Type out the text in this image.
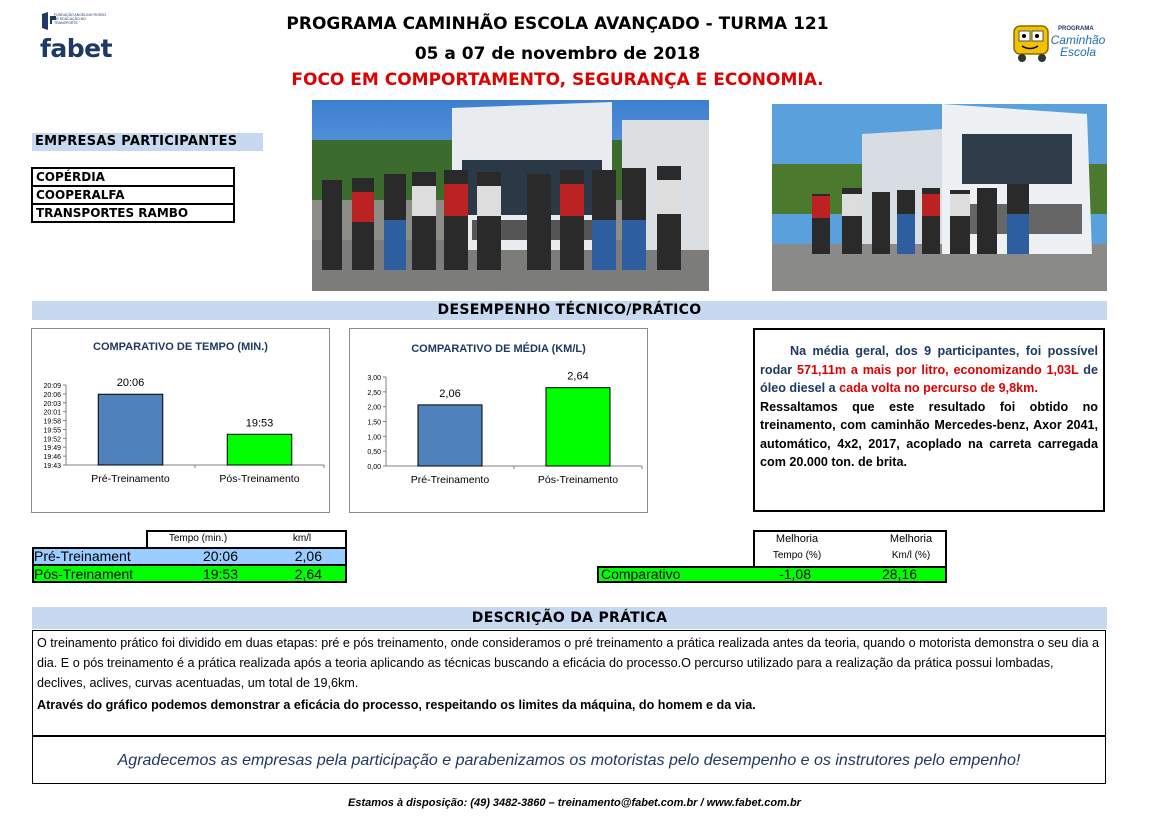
FUNDAÇÃO ANGELINO ROSSO DE EDUCAÇÃO NO TRANSPORTE
fabet
PROGRAMA
Caminhão Escola
PROGRAMA CAMINHÃO ESCOLA AVANÇADO - TURMA 121
05 a 07 de novembro de 2018
FOCO EM COMPORTAMENTO, SEGURANÇA E ECONOMIA.
EMPRESAS PARTICIPANTES
COPÉRDIA
COOPERALFA
TRANSPORTES RAMBO
DESEMPENHO TÉCNICO/PRÁTICO
COMPARATIVO DE TEMPO (MIN.)
19:43
19:46
19:49
19:52
19:55
19:58
20:01
20:03
20:06
20:09	20:06
Pré-Treinamento
19:53
Pós-Treinamento
COMPARATIVO DE MÉDIA (KM/L)
0,00
0,50
1,00
1,50
2,00
2,50
3,00
2,06
Pré-Treinamento
2,64
Pós-Treinamento
Na média geral, dos 9 participantes, foi possível rodar 571,11m a mais por litro, economizando 1,03L de óleo diesel a cada volta no percurso de 9,8km.
Ressaltamos que este resultado foi obtido no treinamento, com caminhão Mercedes-benz, Axor 2041, automático, 4x2, 2017, acoplado na carreta carregada com 20.000 ton. de brita.
Tempo (min.)	km/l
Pré-Treinament	20:06	2,06
Pós-Treinament	19:53	2,64
Melhoria
Tempo (%)
Melhoria
Km/l (%)
Comparativo	-1,08	28,16
DESCRIÇÃO DA PRÁTICA
O treinamento prático foi dividido em duas etapas: pré e pós treinamento, onde consideramos o pré treinamento a prática realizada antes da teoria, quando o motorista demonstra o seu dia a dia. E o pós treinamento é a prática realizada após a teoria aplicando as técnicas buscando a eficácia do processo.O percurso utilizado para a realização da prática possui lombadas, declives, aclives, curvas acentuadas, um total de 19,6km.
Através do gráfico podemos demonstrar a eficácia do processo, respeitando os limites da máquina, do homem e da via.
Agradecemos as empresas pela participação e parabenizamos os motoristas pelo desempenho e os instrutores pelo empenho!
Estamos à disposição: (49) 3482-3860 – treinamento@fabet.com.br / www.fabet.com.br
